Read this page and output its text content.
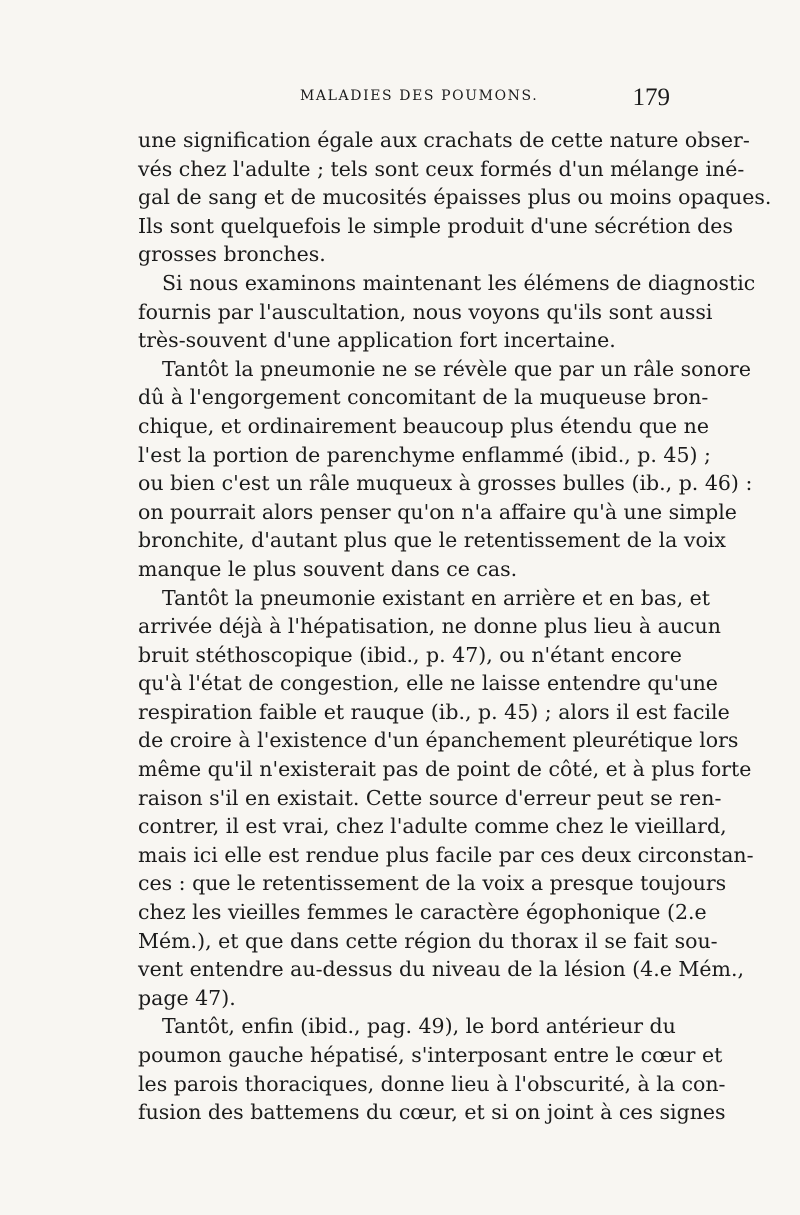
MALADIES DES POUMONS.	179
une signification égale aux crachats de cette nature obser-
vés chez l'adulte ; tels sont ceux formés d'un mélange iné-
gal de sang et de mucosités épaisses plus ou moins opaques.
Ils sont quelquefois le simple produit d'une sécrétion des
grosses bronches.
Si nous examinons maintenant les élémens de diagnostic
fournis par l'auscultation, nous voyons qu'ils sont aussi
très-souvent d'une application fort incertaine.
Tantôt la pneumonie ne se révèle que par un râle sonore
dû à l'engorgement concomitant de la muqueuse bron-
chique, et ordinairement beaucoup plus étendu que ne
l'est la portion de parenchyme enflammé (ibid., p. 45) ;
ou bien c'est un râle muqueux à grosses bulles (ib., p. 46) :
on pourrait alors penser qu'on n'a affaire qu'à une simple
bronchite, d'autant plus que le retentissement de la voix
manque le plus souvent dans ce cas.
Tantôt la pneumonie existant en arrière et en bas, et
arrivée déjà à l'hépatisation, ne donne plus lieu à aucun
bruit stéthoscopique (ibid., p. 47), ou n'étant encore
qu'à l'état de congestion, elle ne laisse entendre qu'une
respiration faible et rauque (ib., p. 45) ; alors il est facile
de croire à l'existence d'un épanchement pleurétique lors
même qu'il n'existerait pas de point de côté, et à plus forte
raison s'il en existait. Cette source d'erreur peut se ren-
contrer, il est vrai, chez l'adulte comme chez le vieillard,
mais ici elle est rendue plus facile par ces deux circonstan-
ces : que le retentissement de la voix a presque toujours
chez les vieilles femmes le caractère égophonique (2.e
Mém.), et que dans cette région du thorax il se fait sou-
vent entendre au-dessus du niveau de la lésion (4.e Mém.,
page 47).
Tantôt, enfin (ibid., pag. 49), le bord antérieur du
poumon gauche hépatisé, s'interposant entre le cœur et
les parois thoraciques, donne lieu à l'obscurité, à la con-
fusion des battemens du cœur, et si on joint à ces signes
